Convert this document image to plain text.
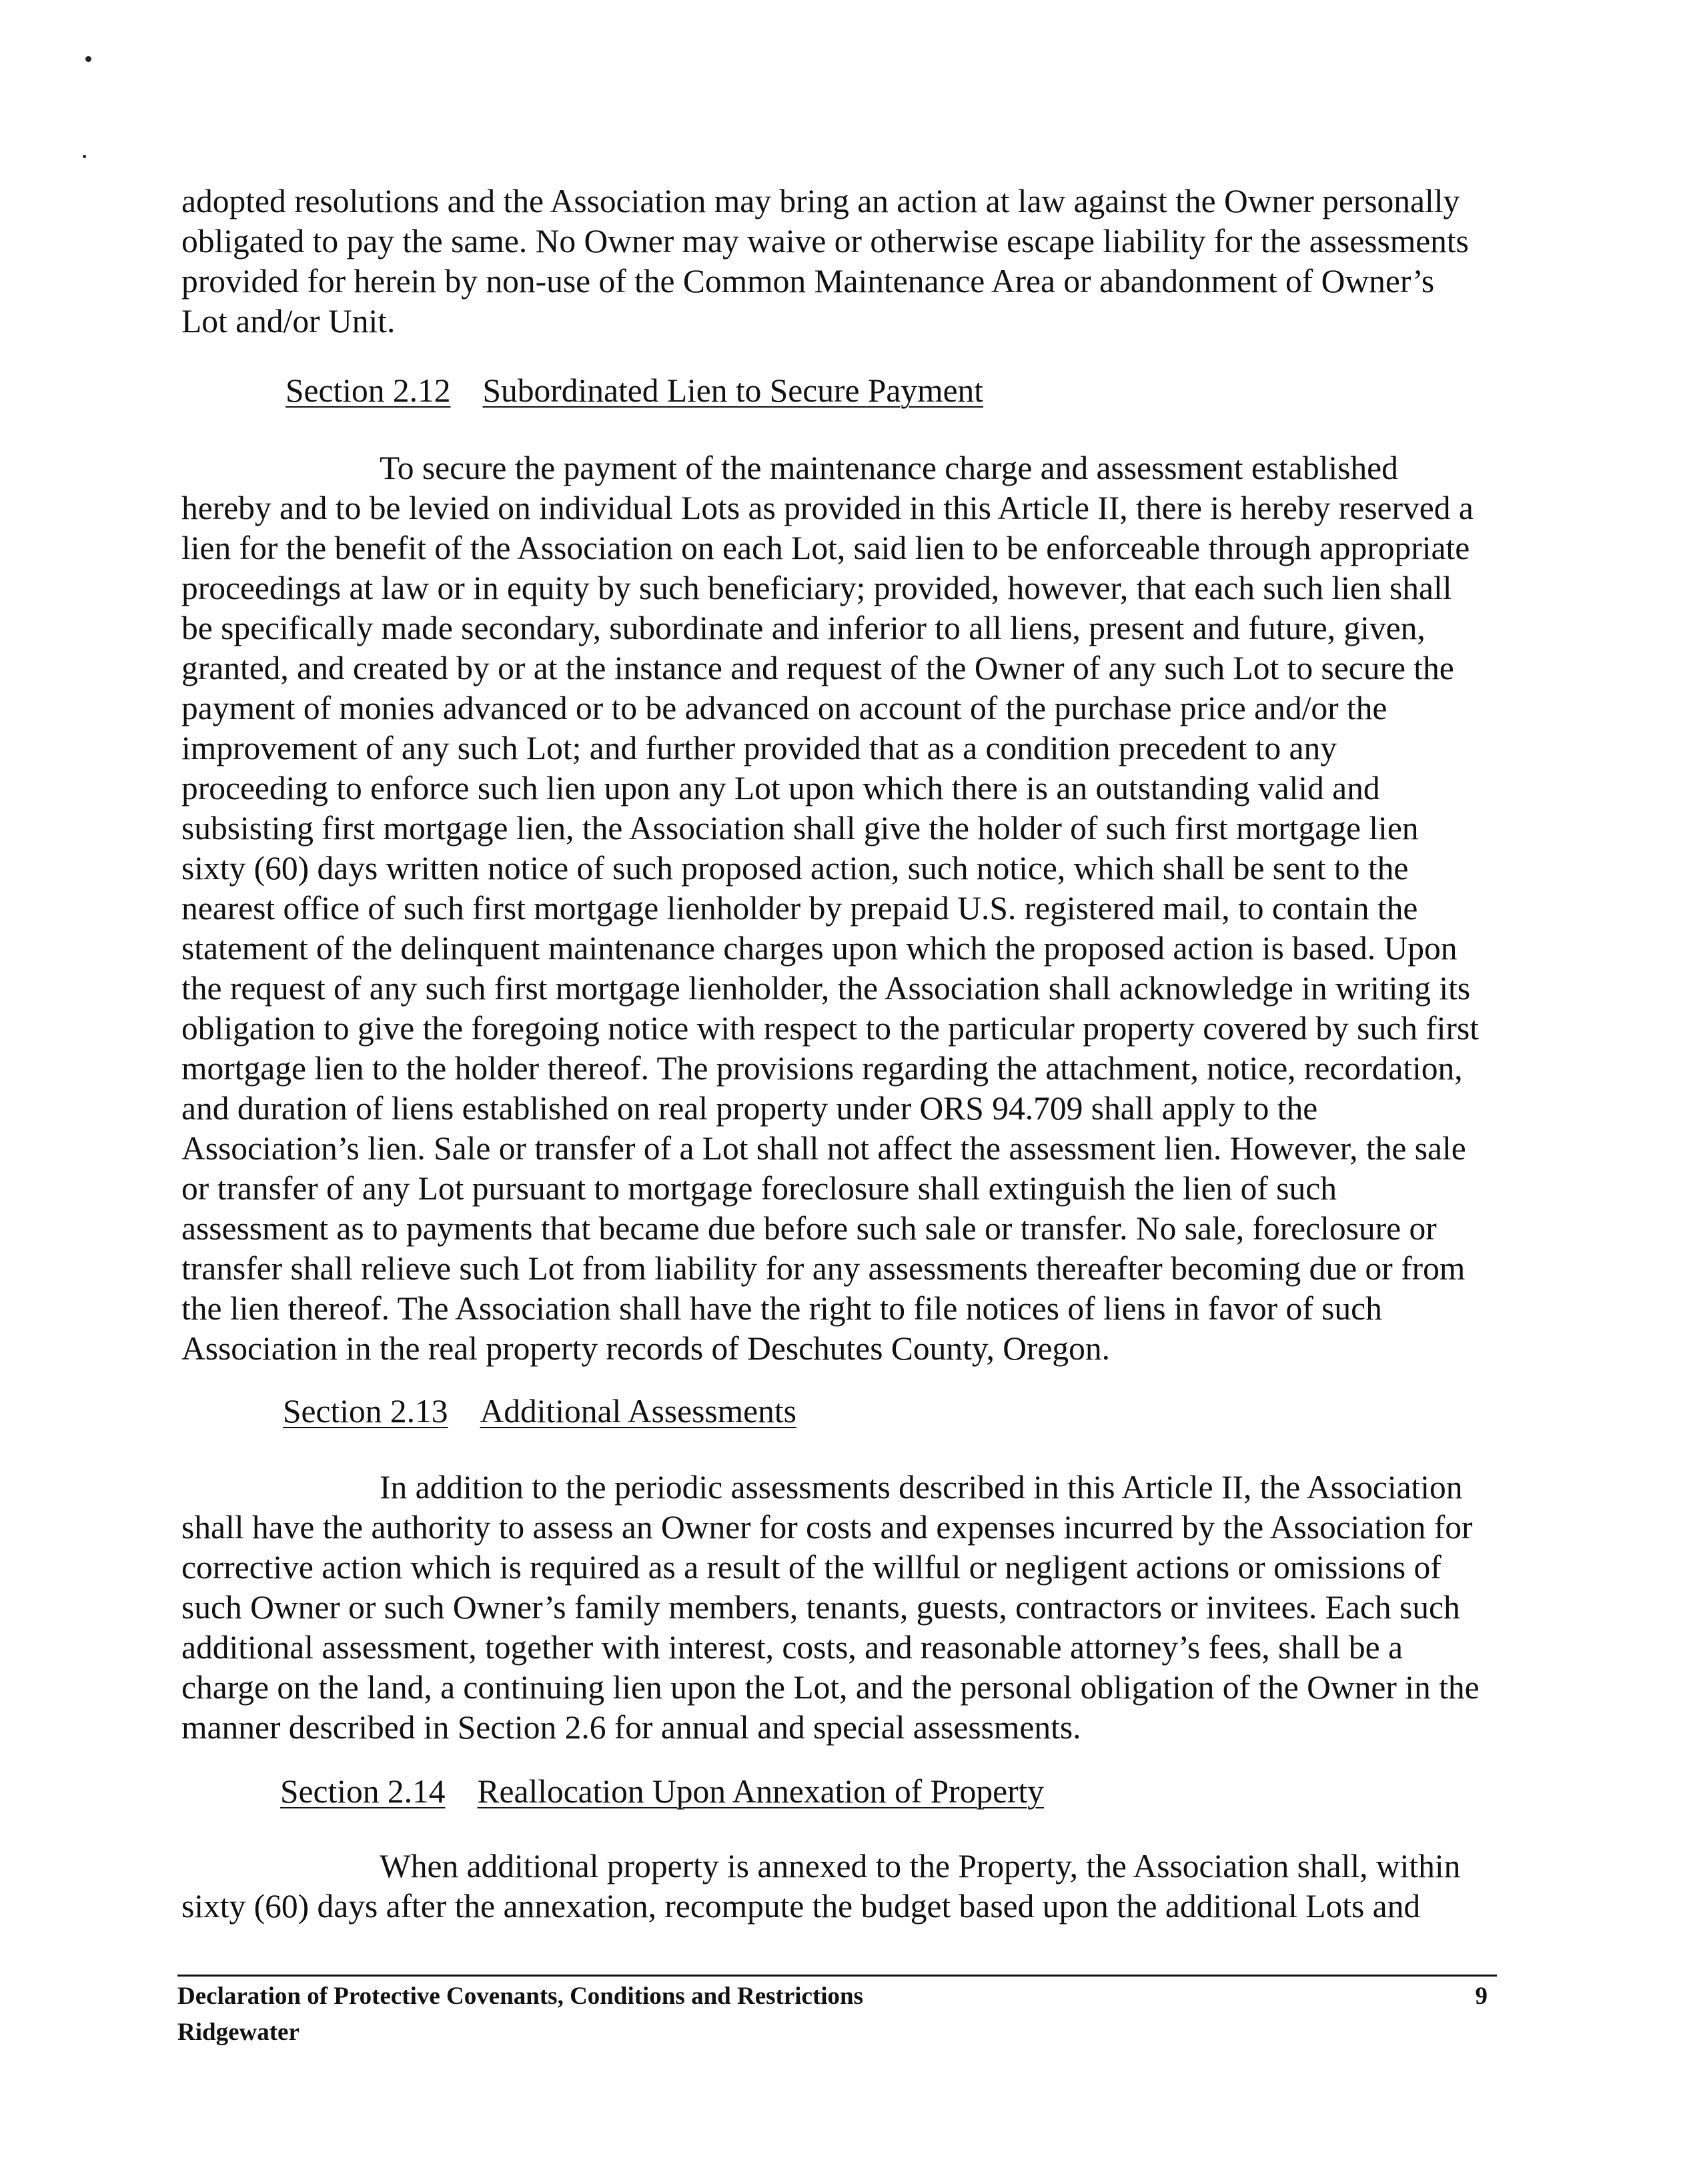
adopted resolutions and the Association may bring an action at law against the Owner personally obligated to pay the same. No Owner may waive or otherwise escape liability for the assessments provided for herein by non-use of the Common Maintenance Area or abandonment of Owner’s Lot and/or Unit.

Section 2.12 Subordinated Lien to Secure Payment

To secure the payment of the maintenance charge and assessment established hereby and to be levied on individual Lots as provided in this Article II, there is hereby reserved a lien for the benefit of the Association on each Lot, said lien to be enforceable through appropriate proceedings at law or in equity by such beneficiary; provided, however, that each such lien shall be specifically made secondary, subordinate and inferior to all liens, present and future, given, granted, and created by or at the instance and request of the Owner of any such Lot to secure the payment of monies advanced or to be advanced on account of the purchase price and/or the improvement of any such Lot; and further provided that as a condition precedent to any proceeding to enforce such lien upon any Lot upon which there is an outstanding valid and subsisting first mortgage lien, the Association shall give the holder of such first mortgage lien sixty (60) days written notice of such proposed action, such notice, which shall be sent to the nearest office of such first mortgage lienholder by prepaid U.S. registered mail, to contain the statement of the delinquent maintenance charges upon which the proposed action is based. Upon the request of any such first mortgage lienholder, the Association shall acknowledge in writing its obligation to give the foregoing notice with respect to the particular property covered by such first mortgage lien to the holder thereof. The provisions regarding the attachment, notice, recordation, and duration of liens established on real property under ORS 94.709 shall apply to the Association’s lien. Sale or transfer of a Lot shall not affect the assessment lien. However, the sale or transfer of any Lot pursuant to mortgage foreclosure shall extinguish the lien of such assessment as to payments that became due before such sale or transfer. No sale, foreclosure or transfer shall relieve such Lot from liability for any assessments thereafter becoming due or from the lien thereof. The Association shall have the right to file notices of liens in favor of such Association in the real property records of Deschutes County, Oregon.

Section 2.13 Additional Assessments

In addition to the periodic assessments described in this Article II, the Association shall have the authority to assess an Owner for costs and expenses incurred by the Association for corrective action which is required as a result of the willful or negligent actions or omissions of such Owner or such Owner’s family members, tenants, guests, contractors or invitees. Each such additional assessment, together with interest, costs, and reasonable attorney’s fees, shall be a charge on the land, a continuing lien upon the Lot, and the personal obligation of the Owner in the manner described in Section 2.6 for annual and special assessments.

Section 2.14 Reallocation Upon Annexation of Property

When additional property is annexed to the Property, the Association shall, within sixty (60) days after the annexation, recompute the budget based upon the additional Lots and

Declaration of Protective Covenants, Conditions and Restrictions

Ridgewater

9
